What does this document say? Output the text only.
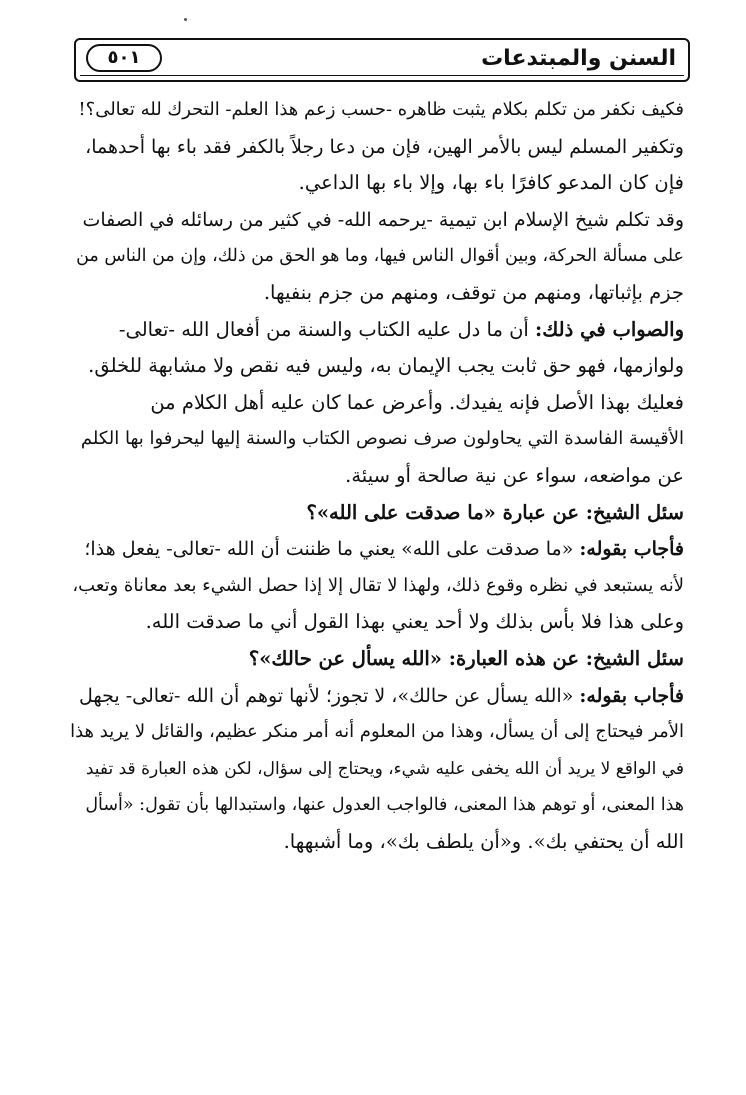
السنن والمبتدعات
٥٠١
فكيف نكفر من تكلم بكلام يثبت ظاهره -حسب زعم هذا العلم- التحرك لله تعالى؟!
وتكفير المسلم ليس بالأمر الهين، فإن من دعا رجلاً بالكفر فقد باء بها أحدهما،
فإن كان المدعو كافرًا باء بها، وإلا باء بها الداعي.
وقد تكلم شيخ الإسلام ابن تيمية -يرحمه الله- في كثير من رسائله في الصفات
على مسألة الحركة، وبين أقوال الناس فيها، وما هو الحق من ذلك، وإن من الناس من
جزم بإثباتها، ومنهم من توقف، ومنهم من جزم بنفيها.
والصواب في ذلك: أن ما دل عليه الكتاب والسنة من أفعال الله -تعالى-
ولوازمها، فهو حق ثابت يجب الإيمان به، وليس فيه نقص ولا مشابهة للخلق.
فعليك بهذا الأصل فإنه يفيدك. وأعرض عما كان عليه أهل الكلام من
الأقيسة الفاسدة التي يحاولون صرف نصوص الكتاب والسنة إليها ليحرفوا بها الكلم
عن مواضعه، سواء عن نية صالحة أو سيئة.
سئل الشيخ: عن عبارة «ما صدقت على الله»؟
فأجاب بقوله: «ما صدقت على الله» يعني ما ظننت أن الله -تعالى- يفعل هذا؛
لأنه يستبعد في نظره وقوع ذلك، ولهذا لا تقال إلا إذا حصل الشيء بعد معاناة وتعب،
وعلى هذا فلا بأس بذلك ولا أحد يعني بهذا القول أني ما صدقت الله.
سئل الشيخ: عن هذه العبارة: «الله يسأل عن حالك»؟
فأجاب بقوله: «الله يسأل عن حالك»، لا تجوز؛ لأنها توهم أن الله -تعالى- يجهل
الأمر فيحتاج إلى أن يسأل، وهذا من المعلوم أنه أمر منكر عظيم، والقائل لا يريد هذا
في الواقع لا يريد أن الله يخفى عليه شيء، ويحتاج إلى سؤال، لكن هذه العبارة قد تفيد
هذا المعنى، أو توهم هذا المعنى، فالواجب العدول عنها، واستبدالها بأن تقول: «أسأل
الله أن يحتفي بك». و«أن يلطف بك»، وما أشبهها.
